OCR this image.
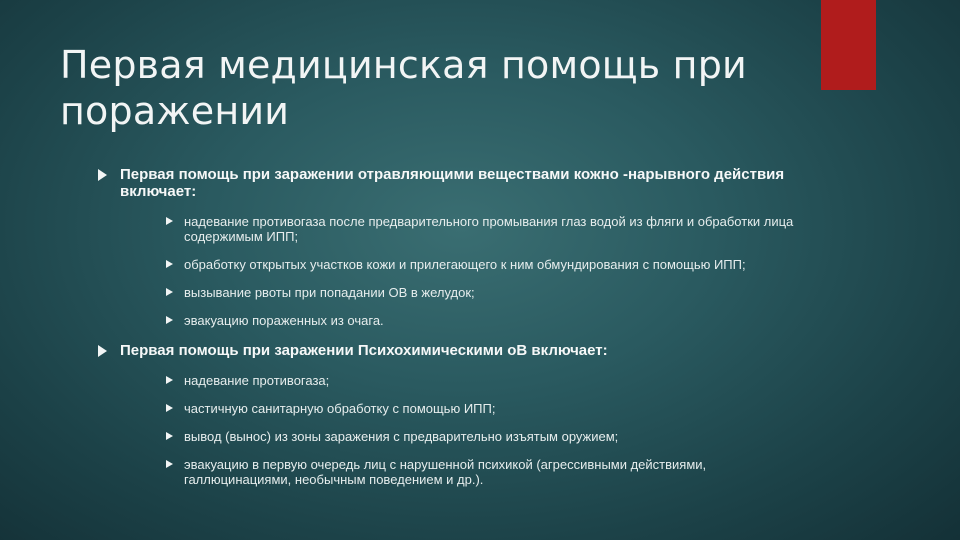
Первая медицинская помощь при поражении
Первая помощь при заражении отравляющими веществами кожно -нарывного действия включает:
надевание противогаза после предварительного промывания глаз водой из фляги и обработки лица содержимым ИПП;
обработку открытых участков кожи и прилегающего к ним обмундирования с помощью ИПП;
вызывание рвоты при попадании ОВ в желудок;
эвакуацию пораженных из очага.
Первая помощь при заражении Психохимическими оВ включает:
надевание противогаза;
частичную санитарную обработку с помощью ИПП;
вывод (вынос) из зоны заражения с предварительно изъятым оружием;
эвакуацию в первую очередь лиц с нарушенной психикой (агрессивными действиями, галлюцинациями, необычным поведением и др.).
